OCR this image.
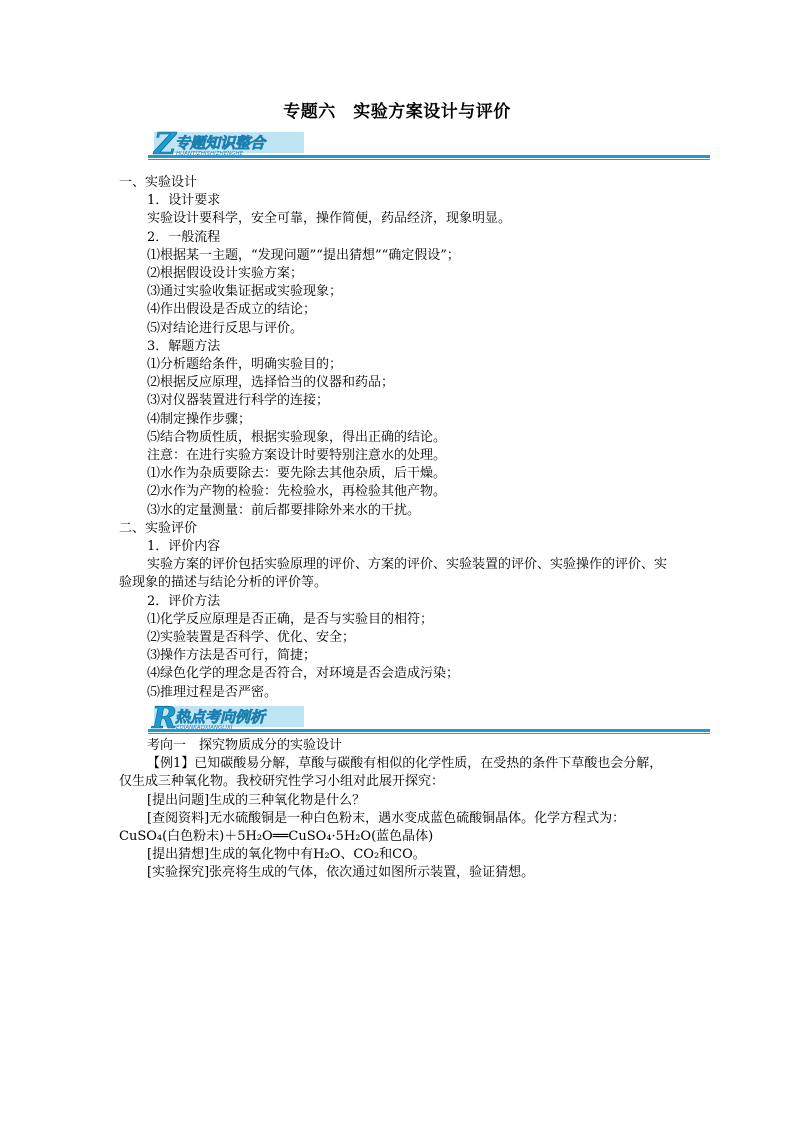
专题六　实验方案设计与评价
Z 专题知识整合
HUANTIZHISHIZHENGHE

一、实验设计

1．设计要求

实验设计要科学，安全可靠，操作简便，药品经济，现象明显。

2．一般流程

⑴根据某一主题，“发现问题”“提出猜想”“确定假设”；

⑵根据假设设计实验方案；

⑶通过实验收集证据或实验现象；

⑷作出假设是否成立的结论；

⑸对结论进行反思与评价。

3．解题方法

⑴分析题给条件，明确实验目的；

⑵根据反应原理，选择恰当的仪器和药品；

⑶对仪器装置进行科学的连接；

⑷制定操作步骤；

⑸结合物质性质，根据实验现象，得出正确的结论。

注意：在进行实验方案设计时要特别注意水的处理。

⑴水作为杂质要除去：要先除去其他杂质，后干燥。

⑵水作为产物的检验：先检验水，再检验其他产物。

⑶水的定量测量：前后都要排除外来水的干扰。

二、实验评价

1．评价内容

实验方案的评价包括实验原理的评价、方案的评价、实验装置的评价、实验操作的评价、实验现象的描述与结论分析的评价等。

2．评价方法

⑴化学反应原理是否正确，是否与实验目的相符；

⑵实验装置是否科学、优化、安全；

⑶操作方法是否可行，简捷；

⑷绿色化学的理念是否符合，对环境是否会造成污染；

⑸推理过程是否严密。

R
热点考向例析
EDIANKAOXIANGLIXI

考向一　探究物质成分的实验设计

【例1】已知碳酸易分解，草酸与碳酸有相似的化学性质，在受热的条件下草酸也会分解，仅生成三种氧化物。我校研究性学习小组对此展开探究：

[提出问题]生成的三种氧化物是什么？

[查阅资料]无水硫酸铜是一种白色粉末，遇水变成蓝色硫酸铜晶体。化学方程式为：

CuSO₄(白色粉末)＋5H₂O══CuSO₄·5H₂O(蓝色晶体)

[提出猜想]生成的氧化物中有H₂O、CO₂和CO。

[实验探究]张亮将生成的气体，依次通过如图所示装置，验证猜想。
